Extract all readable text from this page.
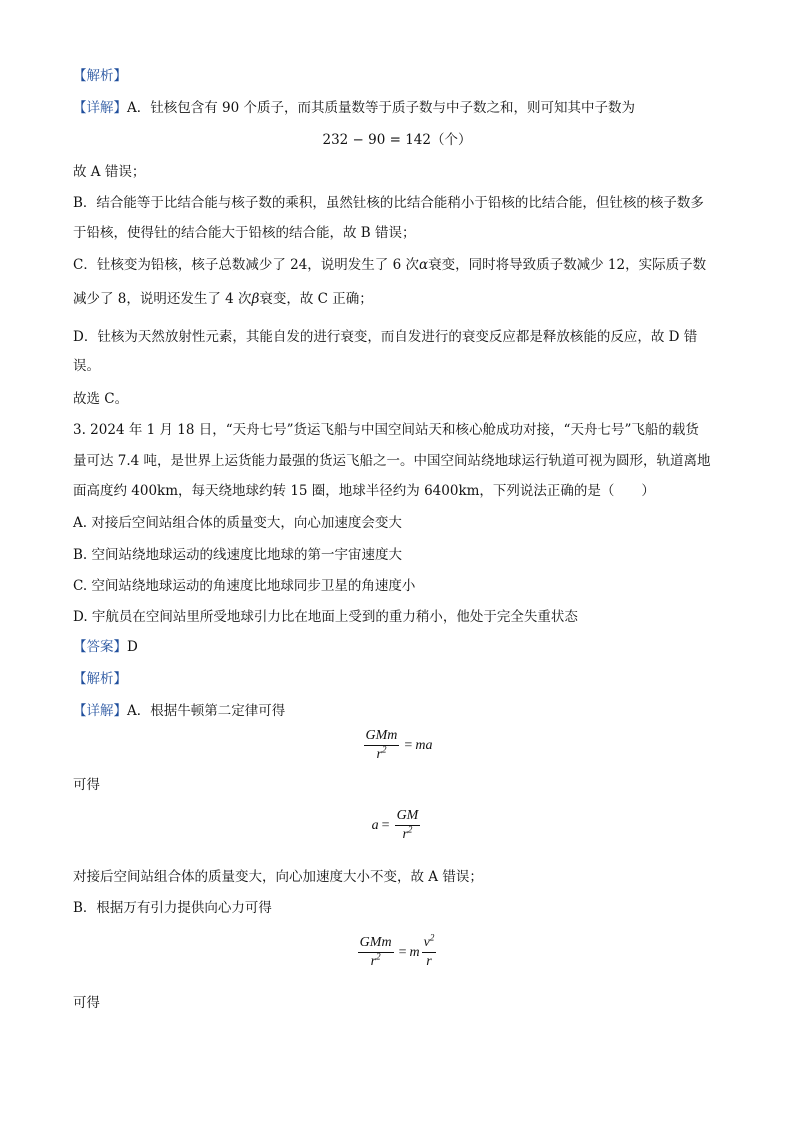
【解析】
【详解】A．钍核包含有 90 个质子，而其质量数等于质子数与中子数之和，则可知其中子数为
232 − 90 = 142（个）
故 A 错误；
B．结合能等于比结合能与核子数的乘积，虽然钍核的比结合能稍小于铅核的比结合能，但钍核的核子数多
于铅核，使得钍的结合能大于铅核的结合能，故 B 错误；
C．钍核变为铅核，核子总数减少了 24，说明发生了 6 次α衰变，同时将导致质子数减少 12，实际质子数
减少了 8，说明还发生了 4 次β衰变，故 C 正确；
D．钍核为天然放射性元素，其能自发的进行衰变，而自发进行的衰变反应都是释放核能的反应，故 D 错
误。
故选 C。
3. 2024 年 1 月 18 日，“天舟七号”货运飞船与中国空间站天和核心舱成功对接，“天舟七号”飞船的载货
量可达 7.4 吨，是世界上运货能力最强的货运飞船之一。中国空间站绕地球运行轨道可视为圆形，轨道离地
面高度约 400km，每天绕地球约转 15 圈，地球半径约为 6400km，下列说法正确的是（　　）
A. 对接后空间站组合体的质量变大，向心加速度会变大
B. 空间站绕地球运动的线速度比地球的第一宇宙速度大
C. 空间站绕地球运动的角速度比地球同步卫星的角速度小
D. 宇航员在空间站里所受地球引力比在地面上受到的重力稍小，他处于完全失重状态
【答案】D
【解析】
【详解】A．根据牛顿第二定律可得
$\frac{\text{GMm}}{r^2}$ = ma
可得
$a = \frac{GM}{r^2}$
对接后空间站组合体的质量变大，向心加速度大小不变，故 A 错误；
B．根据万有引力提供向心力可得
$\frac{\text{GMm}}{r^2} = m \frac{v^2}{r}$
可得
